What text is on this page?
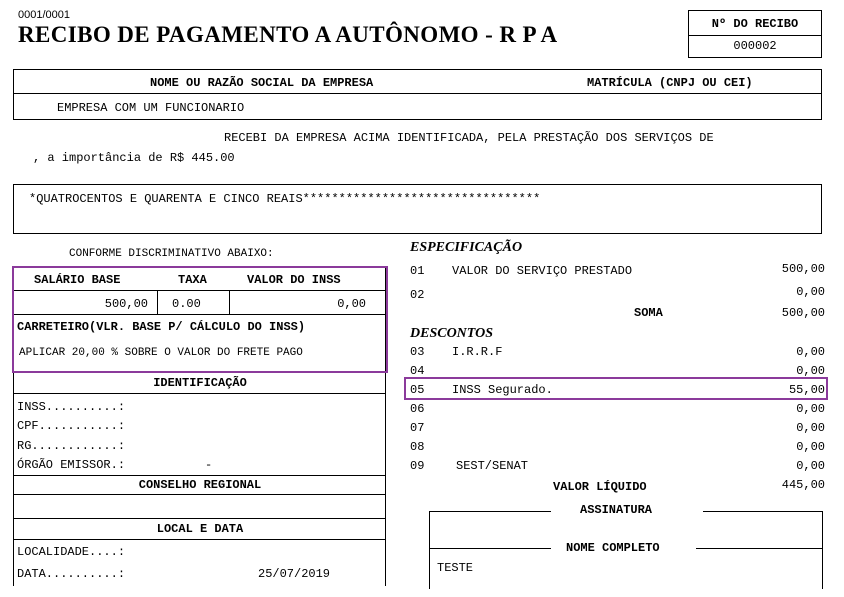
0001/0001
RECIBO DE PAGAMENTO A AUTÔNOMO - R P A	Nº DO RECIBO
000002
NOME OU RAZÃO SOCIAL DA EMPRESA	MATRÍCULA (CNPJ OU CEI)
EMPRESA COM UM FUNCIONARIO
RECEBI DA EMPRESA ACIMA IDENTIFICADA, PELA PRESTAÇÃO DOS SERVIÇOS DE
, a importância de R$ 445.00
*QUATROCENTOS E QUARENTA E CINCO REAIS*********************************
CONFORME DISCRIMINATIVO ABAIXO:
SALÁRIO BASE	TAXA	VALOR DO INSS
500,00 0.00	0,00
CARRETEIRO(VLR. BASE P/ CÁLCULO DO INSS)
APLICAR 20,00 % SOBRE O VALOR DO FRETE PAGO
IDENTIFICAÇÃO
INSS..........:
CPF...........:
RG............:
ÓRGÃO EMISSOR.:	-
CONSELHO REGIONAL
LOCAL E DATA
LOCALIDADE....:
DATA..........:	25/07/2019
ESPECIFICAÇÃO
01 VALOR DO SERVIÇO PRESTADO	500,00
02	0,00
SOMA	500,00
DESCONTOS
03 I.R.R.F	0,00
04	0,00
05 INSS Segurado.	55,00
06	0,00
07	0,00
08	0,00
09	SEST/SENAT	0,00
VALOR LÍQUIDO	445,00
ASSINATURA
NOME COMPLETO
TESTE
